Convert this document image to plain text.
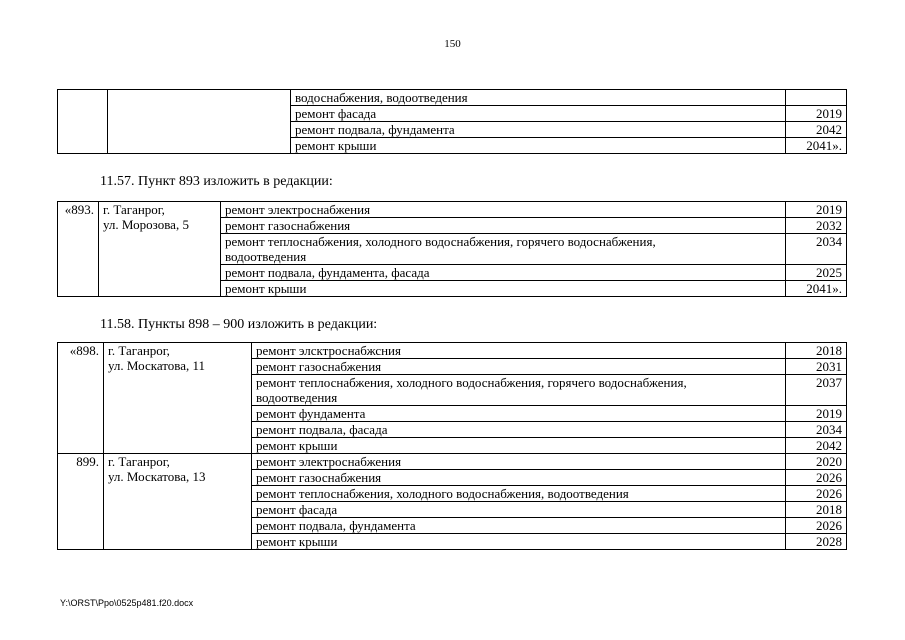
150
		водоснабжения, водоотведения	
		ремонт фасада	2019
		ремонт подвала, фундамента	2042
		ремонт крыши	2041».
11.57. Пункт 893 изложить в редакции:
«893.	г. Таганрог,
ул. Морозова, 5	ремонт электроснабжения	2019
		ремонт газоснабжения	2032
		ремонт теплоснабжения, холодного водоснабжения, горячего водоснабжения,
водоотведения	2034
		ремонт подвала, фундамента, фасада	2025
		ремонт крыши	2041».
11.58. Пункты 898 – 900 изложить в редакции:
«898.	г. Таганрог,
ул. Москатова, 11	ремонт элсктроснабжсния	2018
		ремонт газоснабжения	2031
		ремонт теплоснабжения, холодного водоснабжения, горячего водоснабжения,
водоотведения	2037
		ремонт фундамента	2019
		ремонт подвала, фасада	2034
		ремонт крыши	2042
899.	г. Таганрог,
ул. Москатова, 13	ремонт электроснабжения	2020
		ремонт газоснабжения	2026
		ремонт теплоснабжения, холодного водоснабжения, водоотведения	2026
		ремонт фасада	2018
		ремонт подвала, фундамента	2026
		ремонт крыши	2028
Y:\ORST\Ppo\0525p481.f20.docx
